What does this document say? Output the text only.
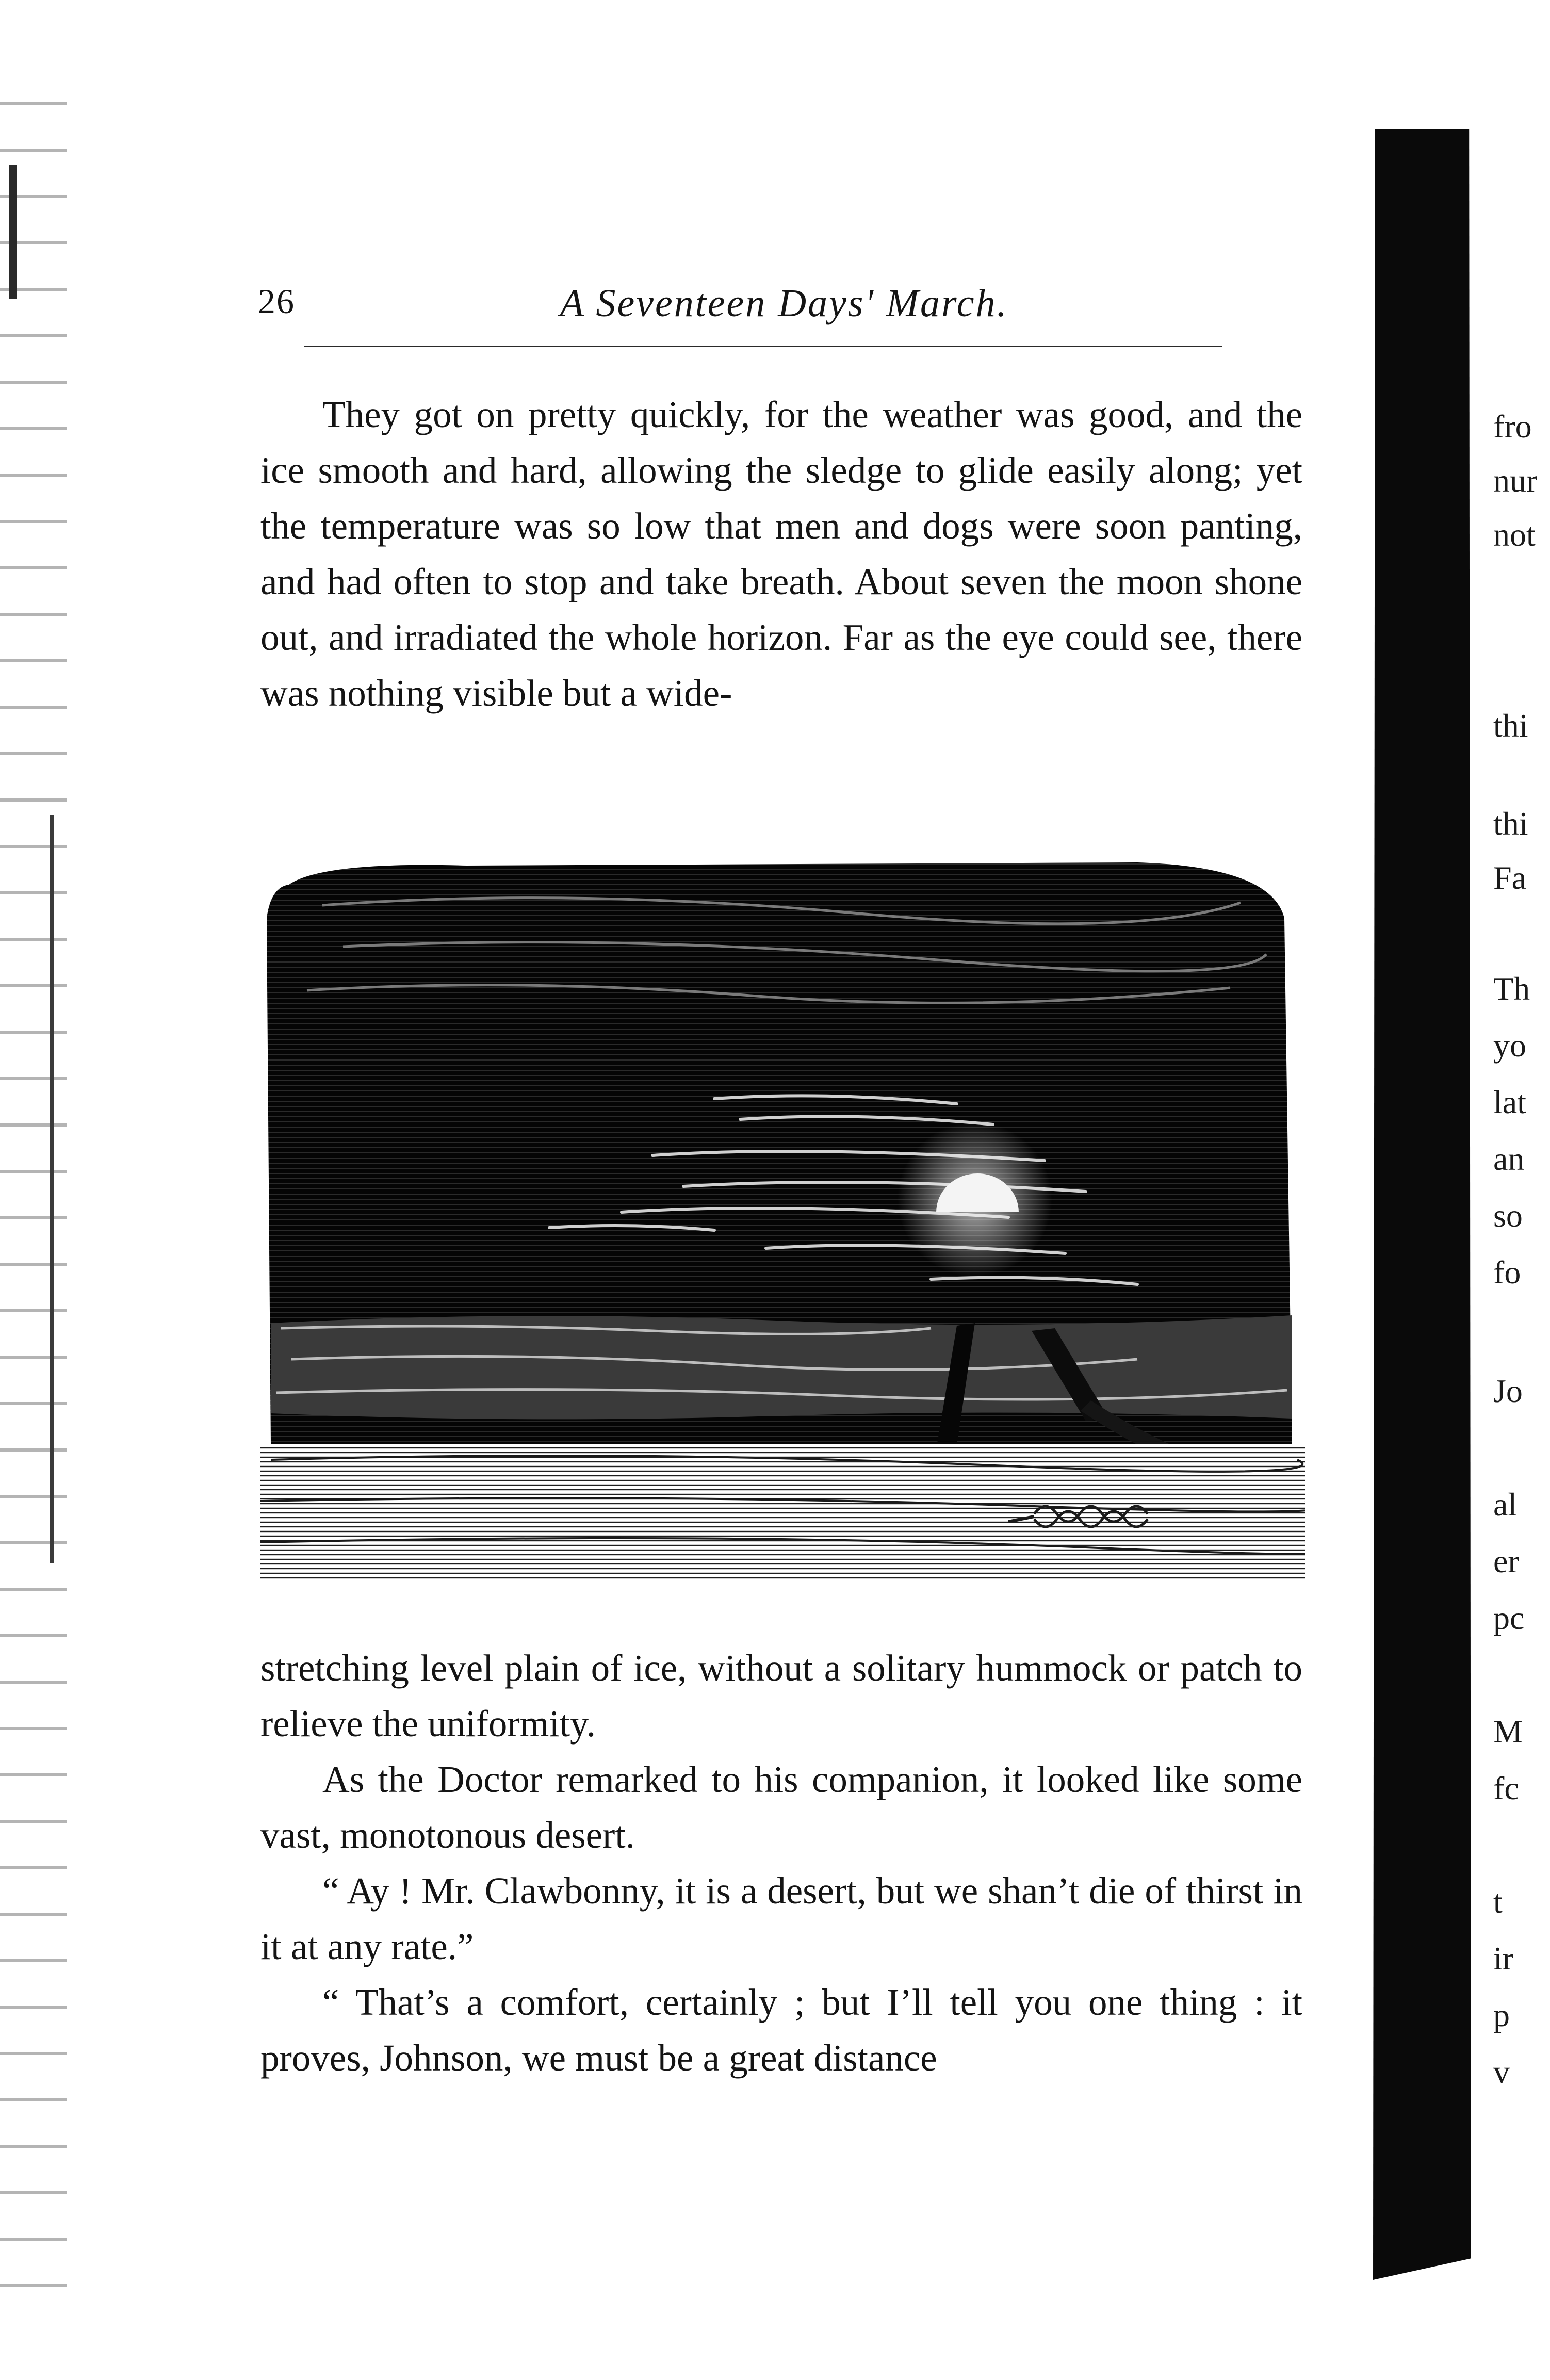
26	A Seventeen Days' March.

They got on pretty quickly, for the weather was good, and the ice smooth and hard, allowing the sledge to glide easily along; yet the temperature was so low that men and dogs were soon panting, and had often to stop and take breath. About seven the moon shone out, and irradiated the whole horizon. Far as the eye could see, there was nothing visible but a wide-

stretching level plain of ice, without a solitary hummock or patch to relieve the uniformity.

As the Doctor remarked to his companion, it looked like some vast, monotonous desert.

“ Ay ! Mr. Clawbonny, it is a desert, but we shan’t die of thirst in it at any rate.”

“ That’s a comfort, certainly ; but I’ll tell you one thing : it proves, Johnson, we must be a great distance

fro
nur
not
thi
thi
Fa
Th
yo
lat
an
so
fo
Jo
al
er
pc
M
fc
t
ir
p
v
